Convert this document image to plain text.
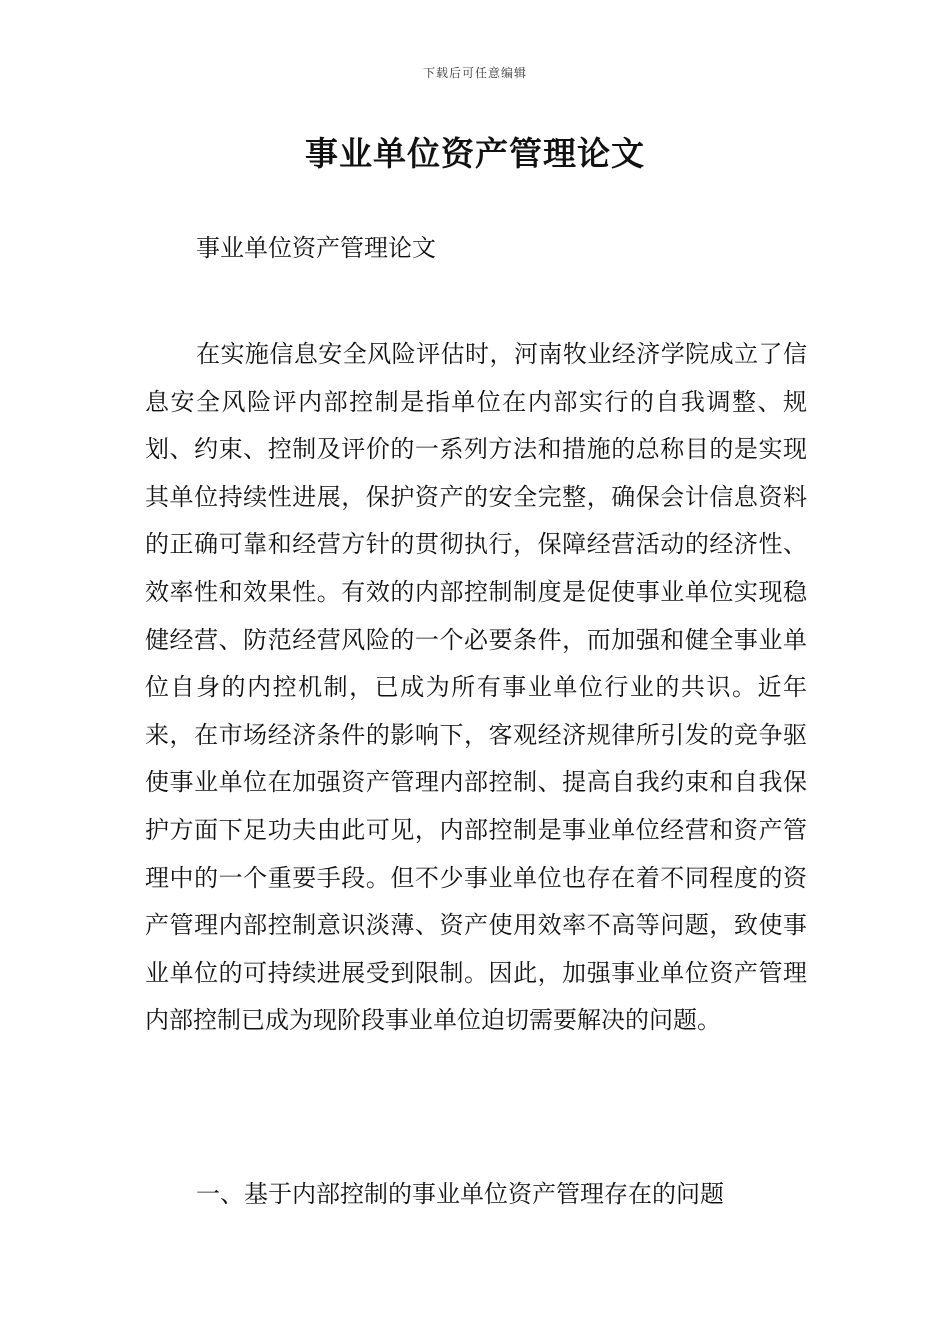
下载后可任意编辑
事业单位资产管理论文
事业单位资产管理论文

在实施信息安全风险评估时，河南牧业经济学院成立了信息安全风险评内部控制是指单位在内部实行的自我调整、规划、约束、控制及评价的一系列方法和措施的总称目的是实现其单位持续性进展，保护资产的安全完整，确保会计信息资料的正确可靠和经营方针的贯彻执行，保障经营活动的经济性、效率性和效果性。有效的内部控制制度是促使事业单位实现稳健经营、防范经营风险的一个必要条件，而加强和健全事业单位自身的内控机制，已成为所有事业单位行业的共识。近年来，在市场经济条件的影响下，客观经济规律所引发的竞争驱使事业单位在加强资产管理内部控制、提高自我约束和自我保护方面下足功夫由此可见，内部控制是事业单位经营和资产管理中的一个重要手段。但不少事业单位也存在着不同程度的资产管理内部控制意识淡薄、资产使用效率不高等问题，致使事业单位的可持续进展受到限制。因此，加强事业单位资产管理内部控制已成为现阶段事业单位迫切需要解决的问题。

一、基于内部控制的事业单位资产管理存在的问题
